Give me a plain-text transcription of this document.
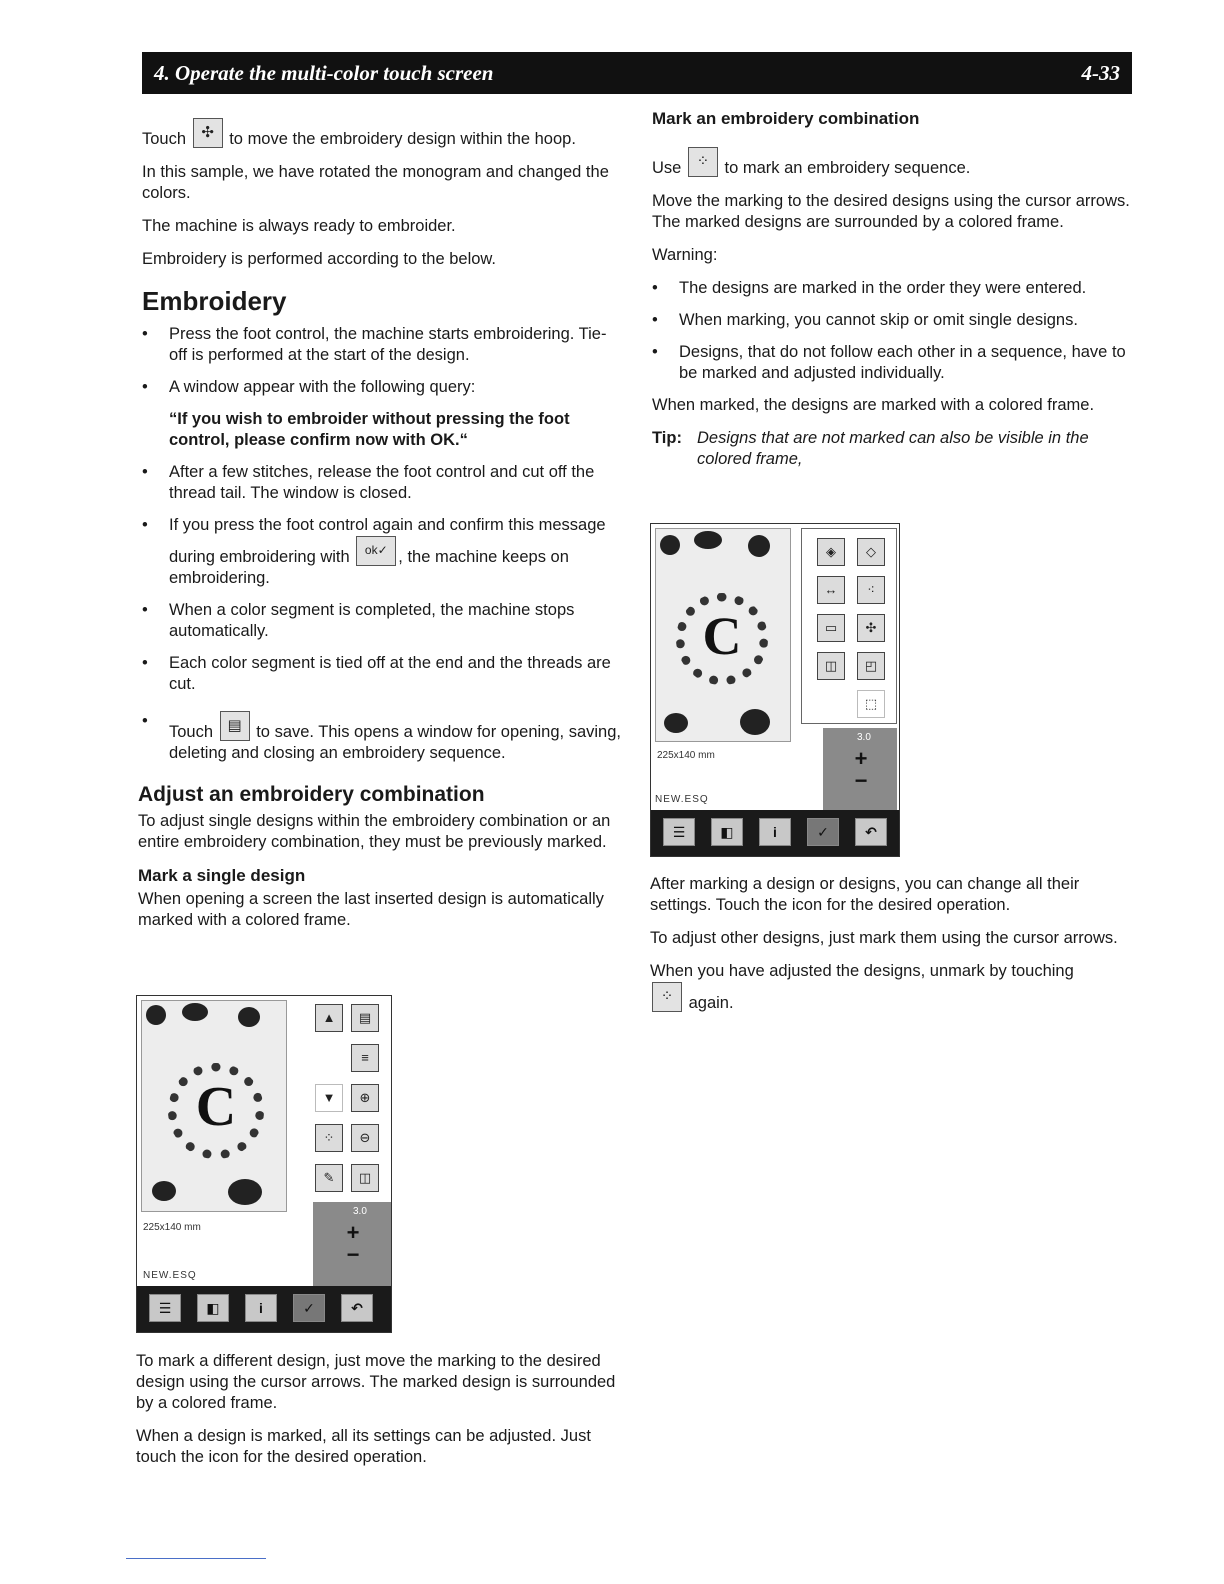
4. Operate the multi-color touch screen	4-33

Touch	✣ to move the embroidery design within the hoop.

In this sample, we have rotated the monogram and changed the colors.

The machine is always ready to embroider.

Embroidery is performed according to the below.

Embroidery
• Press the foot control, the machine starts embroidering. Tie-off is performed at the start of the design.
• A window appear with the following query:
“If you wish to embroider without pressing the foot control, please confirm now with OK.“
• After a few stitches, release the foot control and cut off the thread tail. The window is closed.
• If you press the foot control again and confirm this message during embroidering with	ok✓ , the machine keeps on embroidering.
• When a color segment is completed, the machine stops automatically.
• Each color segment is tied off at the end and the threads are cut.
• Touch ▤ to save. This opens a window for opening, saving, deleting and closing an embroidery sequence.
Adjust an embroidery combination

To adjust single designs within the embroidery combination or an entire embroidery combination, they must be previously marked.

Mark a single design

When opening a screen the last inserted design is automatically marked with a colored frame.

C
225x140 mm
NEW.ESQ
▲	▤
≡
▼	⊕
⁘	⊖
✎	◫
3.0
+
−
☰	◧	i	✓	↶

To mark a different design, just move the marking to the desired design using the cursor arrows. The marked design is surrounded by a colored frame.

When a design is marked, all its settings can be adjusted. Just touch the icon for the desired operation.

Mark an embroidery combination

Use	⁘ to mark an embroidery sequence.

Move the marking to the desired designs using the cursor arrows. The marked designs are surrounded by a colored frame.

Warning:

• The designs are marked in the order they were entered.
• When marking, you cannot skip or omit single designs.
• Designs, that do not follow each other in a sequence, have to be marked and adjusted individually.

When marked, the designs are marked with a colored frame.

Tip: Designs that are not marked can also be visible in the colored frame,
C
225x140 mm
NEW.ESQ
◈	◇
↔	⁖
▭	✣
◫	◰
⬚
3.0
+
−
☰	◧	i	✓	↶

After marking a design or designs, you can change all their settings. Touch the icon for the desired operation.

To adjust other designs, just mark them using the cursor arrows.

When you have adjusted the designs, unmark by touching

⁘ again.
